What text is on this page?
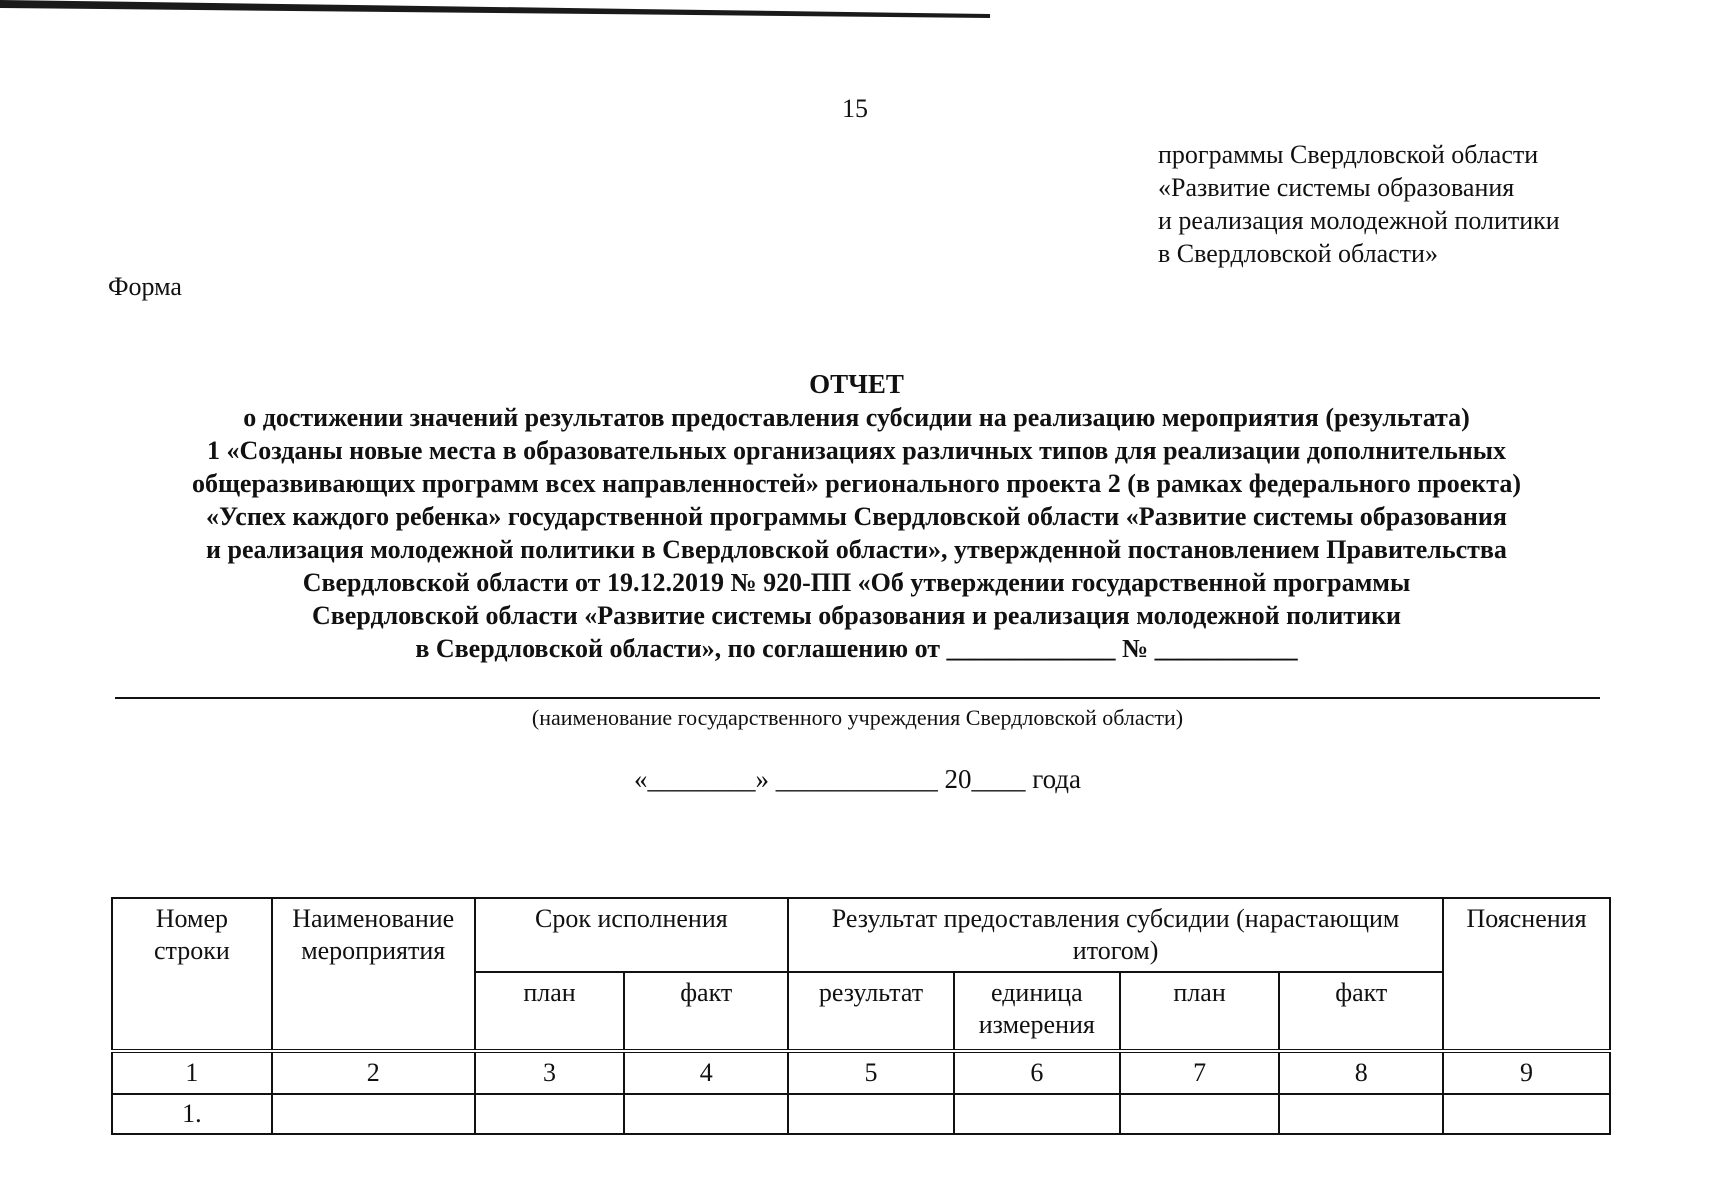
15
программы Свердловской области
«Развитие системы образования
и реализация молодежной политики
в Свердловской области»
Форма
ОТЧЕТ
о достижении значений результатов предоставления субсидии на реализацию мероприятия (результата)
1 «Созданы новые места в образовательных организациях различных типов для реализации дополнительных
общеразвивающих программ всех направленностей» регионального проекта 2 (в рамках федерального проекта)
«Успех каждого ребенка» государственной программы Свердловской области «Развитие системы образования
и реализация молодежной политики в Свердловской области», утвержденной постановлением Правительства
Свердловской области от 19.12.2019 № 920-ПП «Об утверждении государственной программы
Свердловской области «Развитие системы образования и реализация молодежной политики
в Свердловской области», по соглашению от _____________ № ___________
(наименование государственного учреждения Свердловской области)
«________» ____________ 20____ года
Номер строки	Наименование мероприятия	Срок исполнения		Результат предоставления субсидии (нарастающим итогом)				Пояснения
		план	факт	результат	единица измерения	план	факт	
1	2	3	4	5	6	7	8	9
1.								
